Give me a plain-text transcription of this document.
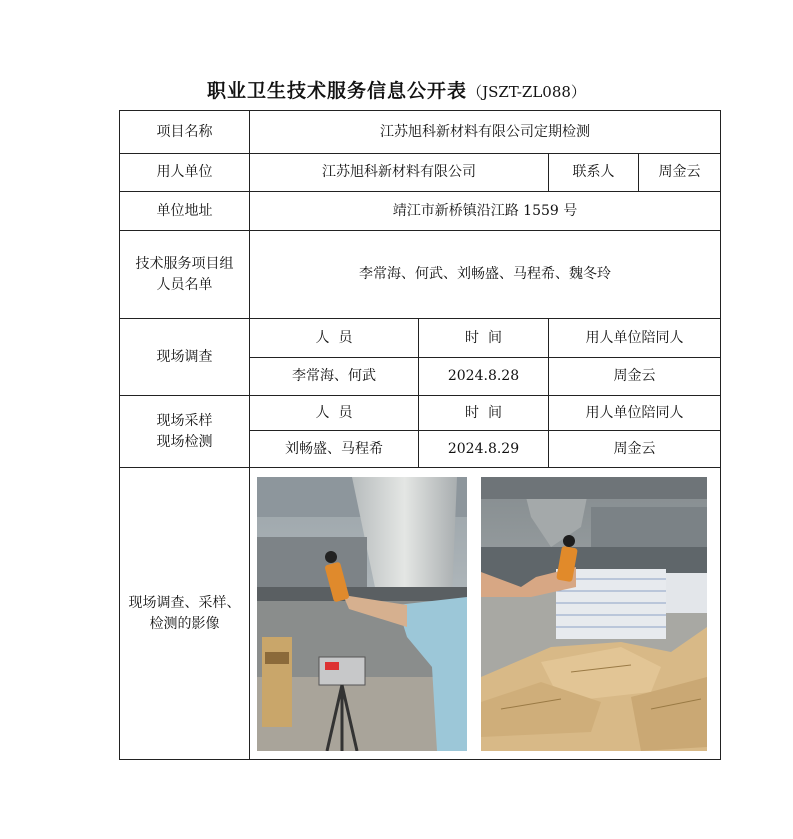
职业卫生技术服务信息公开表（JSZT-ZL088）
项目名称	江苏旭科新材料有限公司定期检测			
用人单位	江苏旭科新材料有限公司		联系人	周金云
单位地址	靖江市新桥镇沿江路 1559 号			

技术服务项目组
人员名单	李常海、何武、刘畅盛、马程希、魏冬玲			
现场调查	人  员	时  间	用人单位陪同人	
	李常海、何武	2024.8.28	周金云	

现场采样
现场检测	人  员	时  间	用人单位陪同人	
	刘畅盛、马程希	2024.8.29	周金云	

现场调查、采样、
检测的影像
